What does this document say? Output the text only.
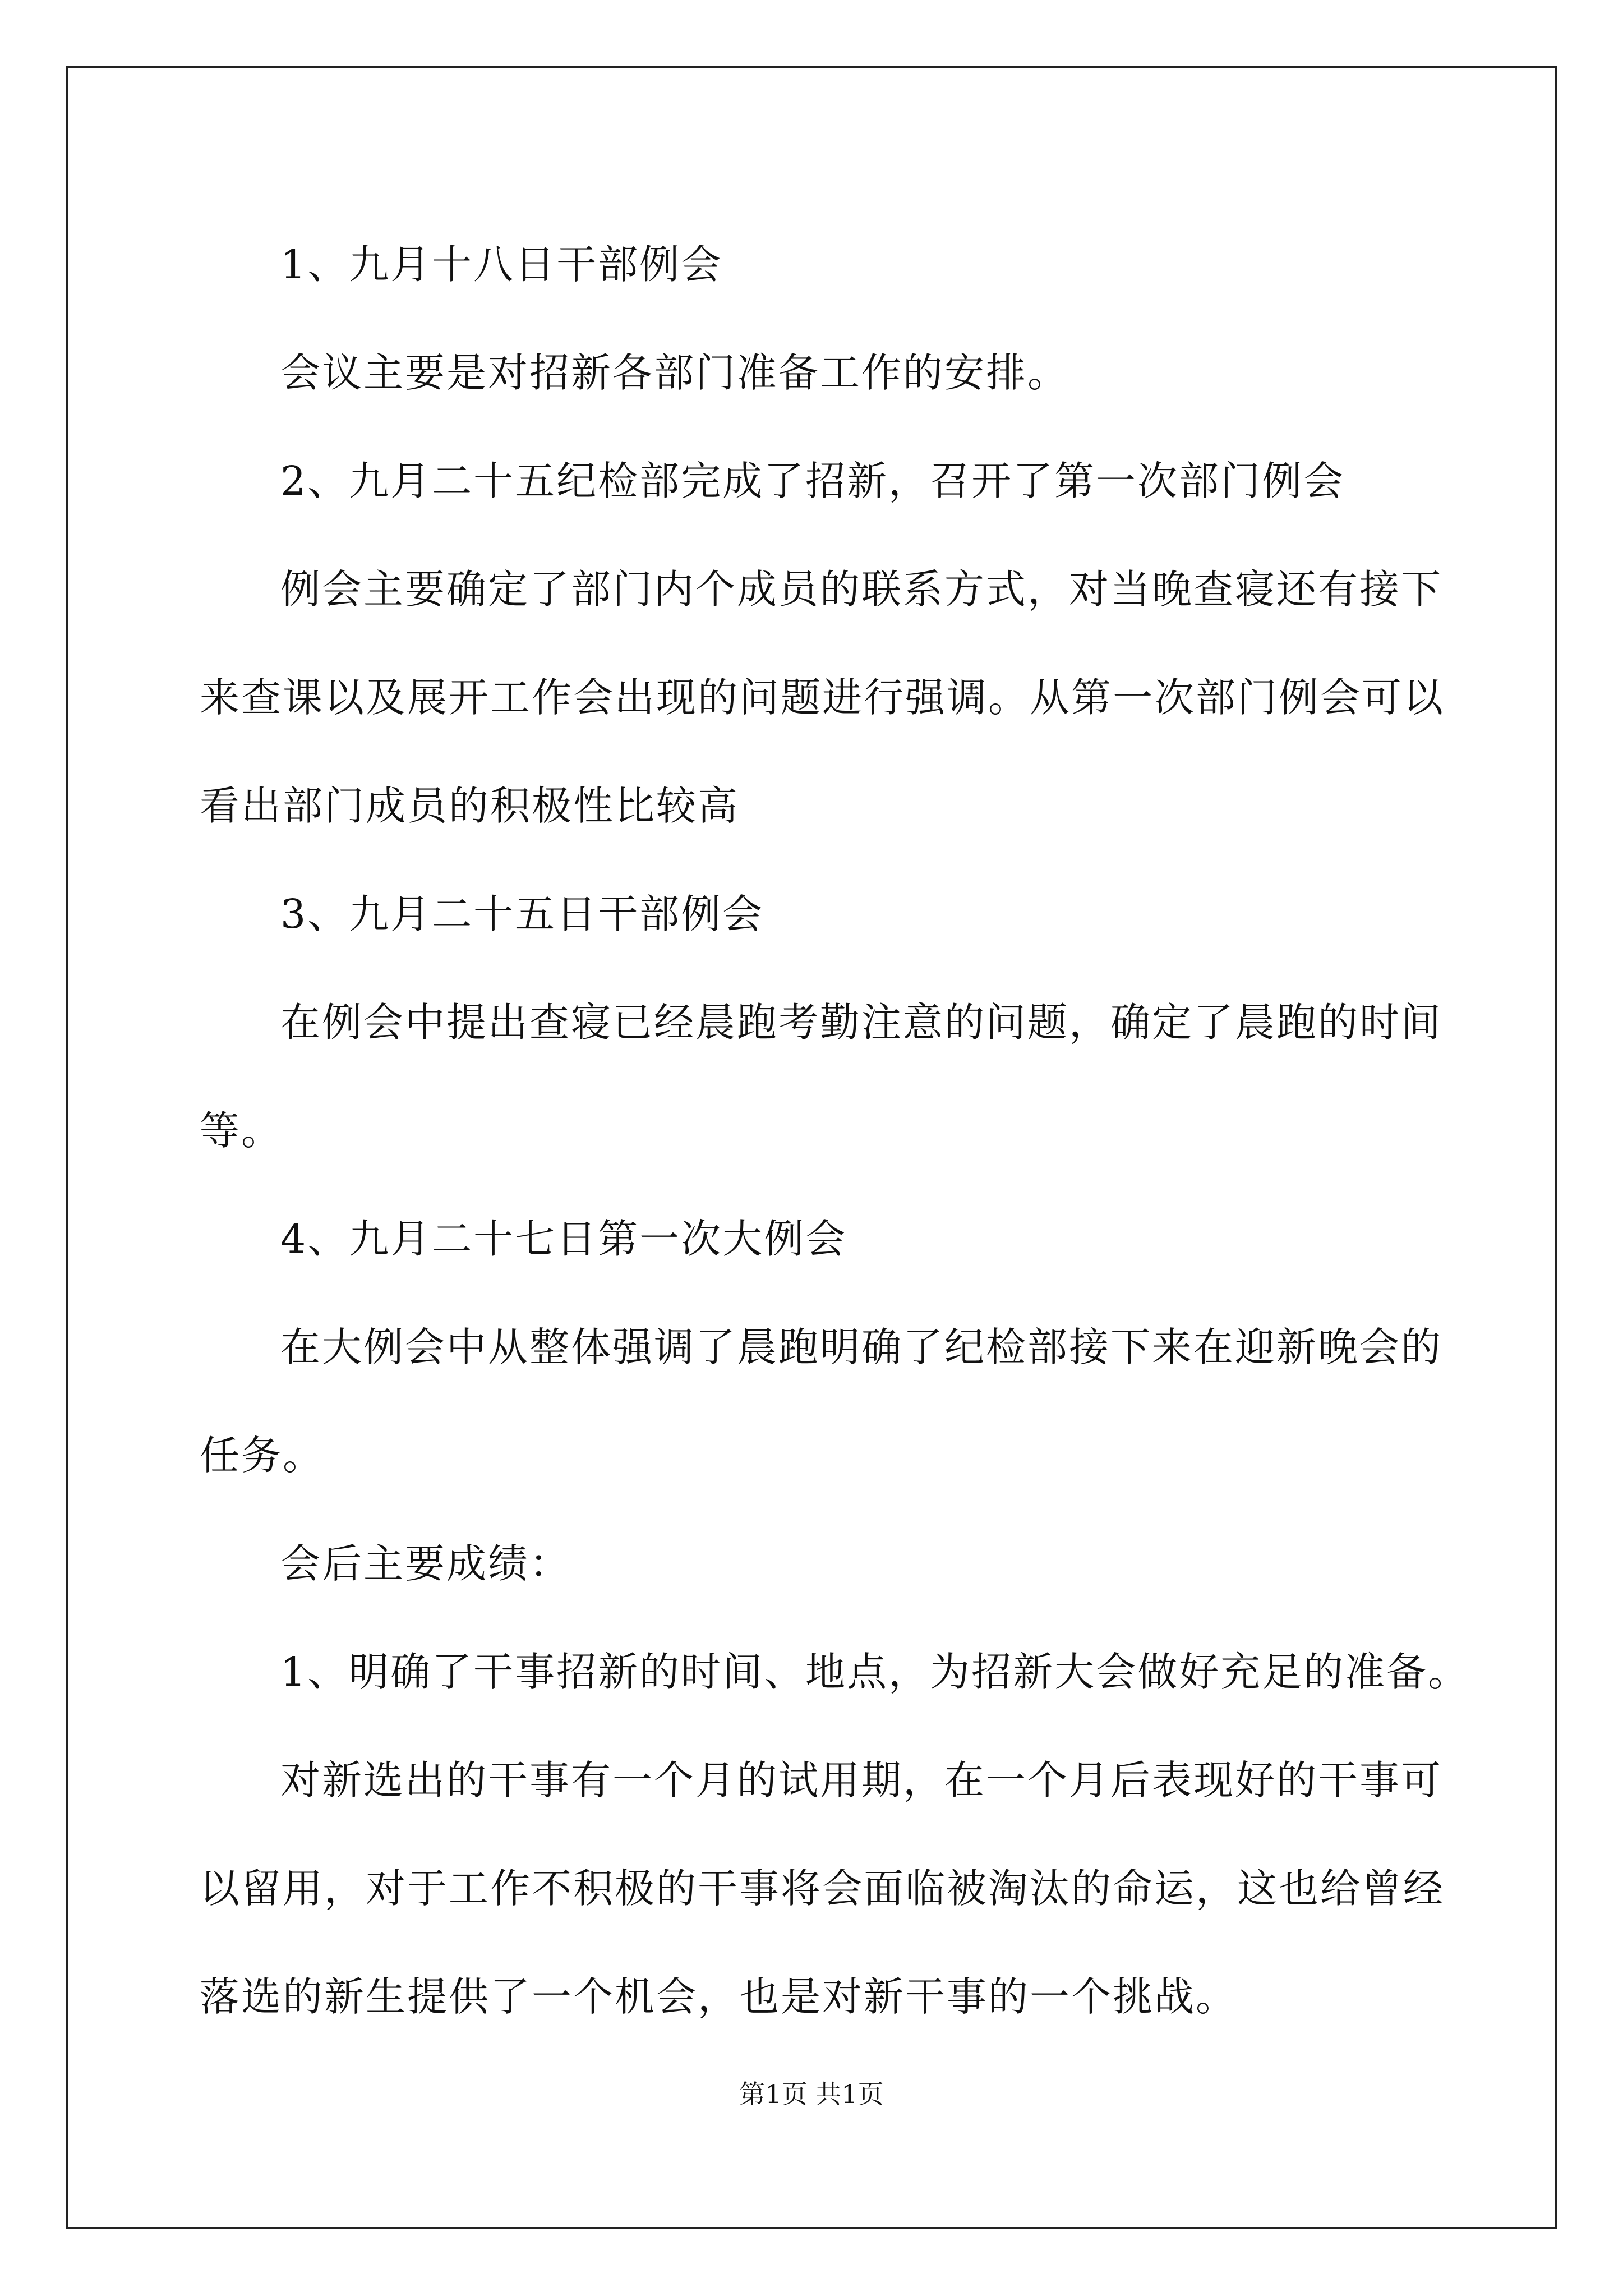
1、九月十八日干部例会

会议主要是对招新各部门准备工作的安排。

2、九月二十五纪检部完成了招新，召开了第一次部门例会

例会主要确定了部门内个成员的联系方式，对当晚查寝还有接下

来查课以及展开工作会出现的问题进行强调。从第一次部门例会可以

看出部门成员的积极性比较高

3、九月二十五日干部例会

在例会中提出查寝已经晨跑考勤注意的问题，确定了晨跑的时间

等。

4、九月二十七日第一次大例会

在大例会中从整体强调了晨跑明确了纪检部接下来在迎新晚会的

任务。

会后主要成绩：

1、明确了干事招新的时间、地点，为招新大会做好充足的准备。

对新选出的干事有一个月的试用期，在一个月后表现好的干事可

以留用，对于工作不积极的干事将会面临被淘汰的命运，这也给曾经

落选的新生提供了一个机会，也是对新干事的一个挑战。

第1页 共1页
